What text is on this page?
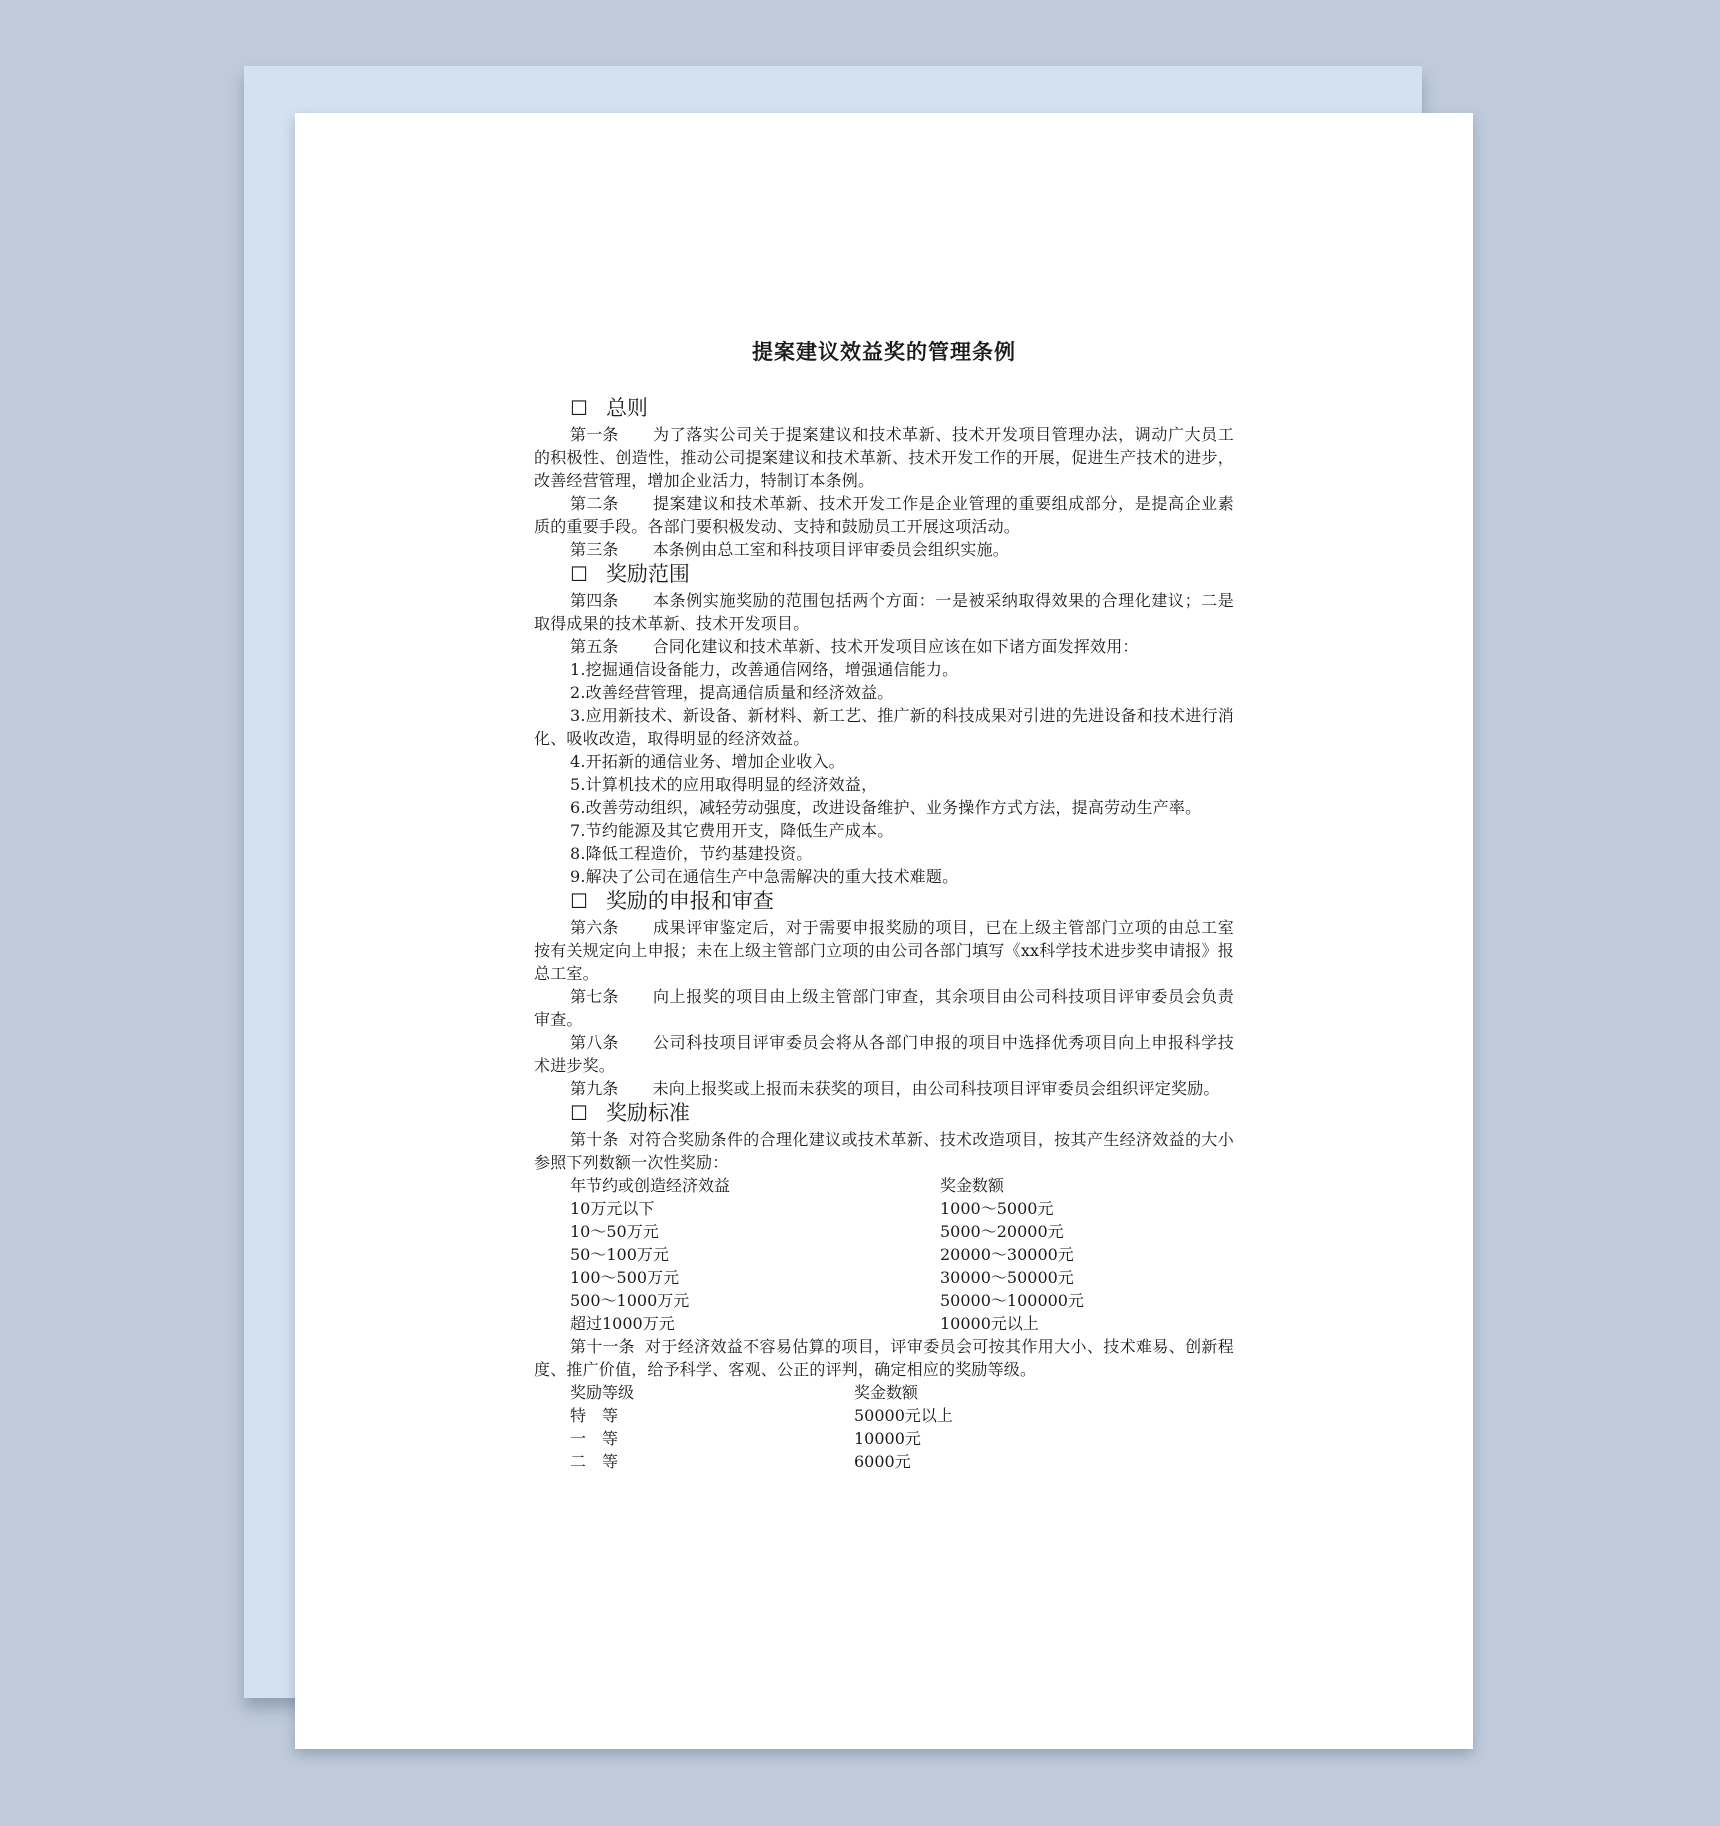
提案建议效益奖的管理条例
☐ 总则

第一条 为了落实公司关于提案建议和技术革新、技术开发项目管理办法，调动广大员工的积极性、创造性，推动公司提案建议和技术革新、技术开发工作的开展，促进生产技术的进步，改善经营管理，增加企业活力，特制订本条例。

第二条 提案建议和技术革新、技术开发工作是企业管理的重要组成部分，是提高企业素质的重要手段。各部门要积极发动、支持和鼓励员工开展这项活动。

第三条 本条例由总工室和科技项目评审委员会组织实施。

☐ 奖励范围

第四条 本条例实施奖励的范围包括两个方面：一是被采纳取得效果的合理化建议；二是取得成果的技术革新、技术开发项目。

第五条 合同化建议和技术革新、技术开发项目应该在如下诸方面发挥效用：

1.挖掘通信设备能力，改善通信网络，增强通信能力。

2.改善经营管理，提高通信质量和经济效益。

3.应用新技术、新设备、新材料、新工艺、推广新的科技成果对引进的先进设备和技术进行消化、吸收改造，取得明显的经济效益。

4.开拓新的通信业务、增加企业收入。

5.计算机技术的应用取得明显的经济效益，

6.改善劳动组织，减轻劳动强度，改进设备维护、业务操作方式方法，提高劳动生产率。

7.节约能源及其它费用开支，降低生产成本。

8.降低工程造价，节约基建投资。

9.解决了公司在通信生产中急需解决的重大技术难题。

☐ 奖励的申报和审查

第六条 成果评审鉴定后，对于需要申报奖励的项目，已在上级主管部门立项的由总工室按有关规定向上申报；未在上级主管部门立项的由公司各部门填写《xx科学技术进步奖申请报》报总工室。

第七条 向上报奖的项目由上级主管部门审查，其余项目由公司科技项目评审委员会负责审查。

第八条 公司科技项目评审委员会将从各部门申报的项目中选择优秀项目向上申报科学技术进步奖。

第九条 未向上报奖或上报而未获奖的项目，由公司科技项目评审委员会组织评定奖励。

☐ 奖励标准

第十条 对符合奖励条件的合理化建议或技术革新、技术改造项目，按其产生经济效益的大小参照下列数额一次性奖励：

年节约或创造经济效益	奖金数额
10万元以下	1000～5000元
10～50万元	5000～20000元
50～100万元	20000～30000元
100～500万元	30000～50000元
500～1000万元	50000～100000元
超过1000万元	10000元以上

第十一条 对于经济效益不容易估算的项目，评审委员会可按其作用大小、技术难易、创新程度、推广价值，给予科学、客观、公正的评判，确定相应的奖励等级。

奖励等级	奖金数额
特　等	50000元以上
一　等	10000元
二　等	6000元
